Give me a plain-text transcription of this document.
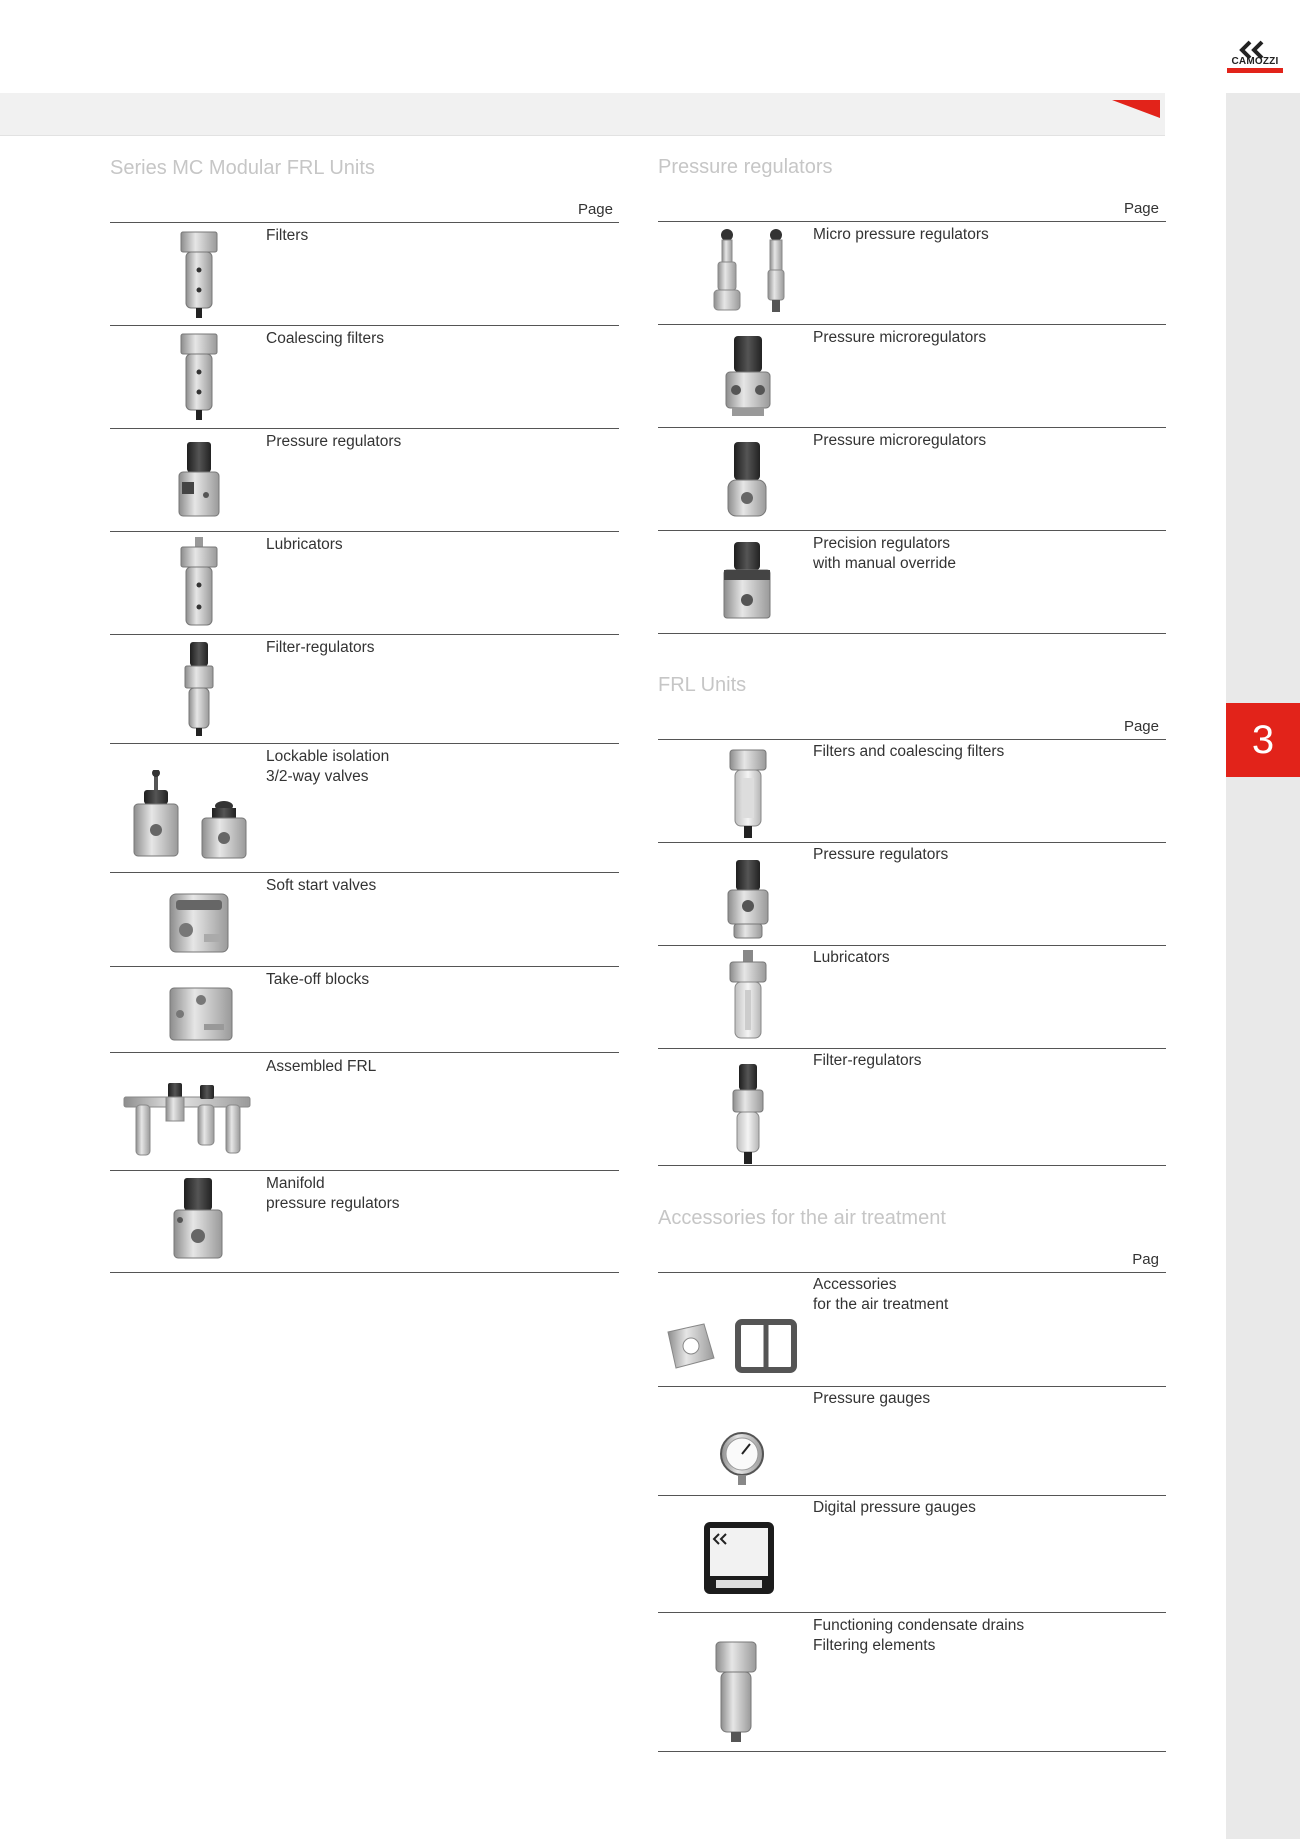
CAMOZZI
3
Series MC Modular FRL Units
Page
Filters
Coalescing filters
Pressure regulators
Lubricators
Filter-regulators
Lockable isolation
3/2-way valves
Soft start valves
Take-off blocks
Assembled FRL
Manifold
pressure regulators
Pressure regulators
Page
Micro pressure regulators
Pressure microregulators
Pressure microregulators
Precision regulators
with manual override
FRL Units
Page
Filters and coalescing filters
Pressure regulators
Lubricators
Filter-regulators
Accessories for the air treatment
Pag
Accessories
for the air treatment
Pressure gauges
Digital pressure gauges
Functioning condensate drains
Filtering elements
